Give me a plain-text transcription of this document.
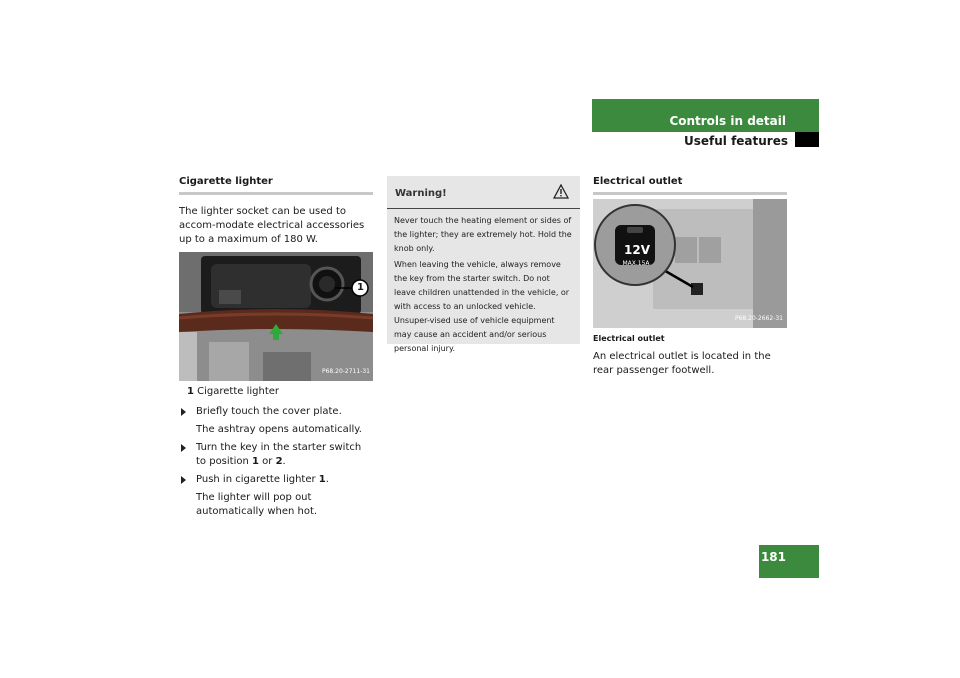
Controls in detail
Useful features
181
Cigarette lighter
The lighter socket can be used to accom-modate electrical accessories up to a maximum of 180 W.
1
P68.20-2711-31
1 Cigarette lighter
Briefly touch the cover plate.
The ashtray opens automatically.
Turn the key in the starter switch to position 1 or 2.
Push in cigarette lighter 1.
The lighter will pop out automatically when hot.
Warning!
Never touch the heating element or sides of the lighter; they are extremely hot. Hold the knob only.
When leaving the vehicle, always remove the key from the starter switch. Do not leave children unattended in the vehicle, or with access to an unlocked vehicle. Unsuper-vised use of vehicle equipment may cause an accident and/or serious personal injury.
Electrical outlet
12V
MAX.15A
P68.20-2662-31
Electrical outlet
An electrical outlet is located in the rear passenger footwell.
